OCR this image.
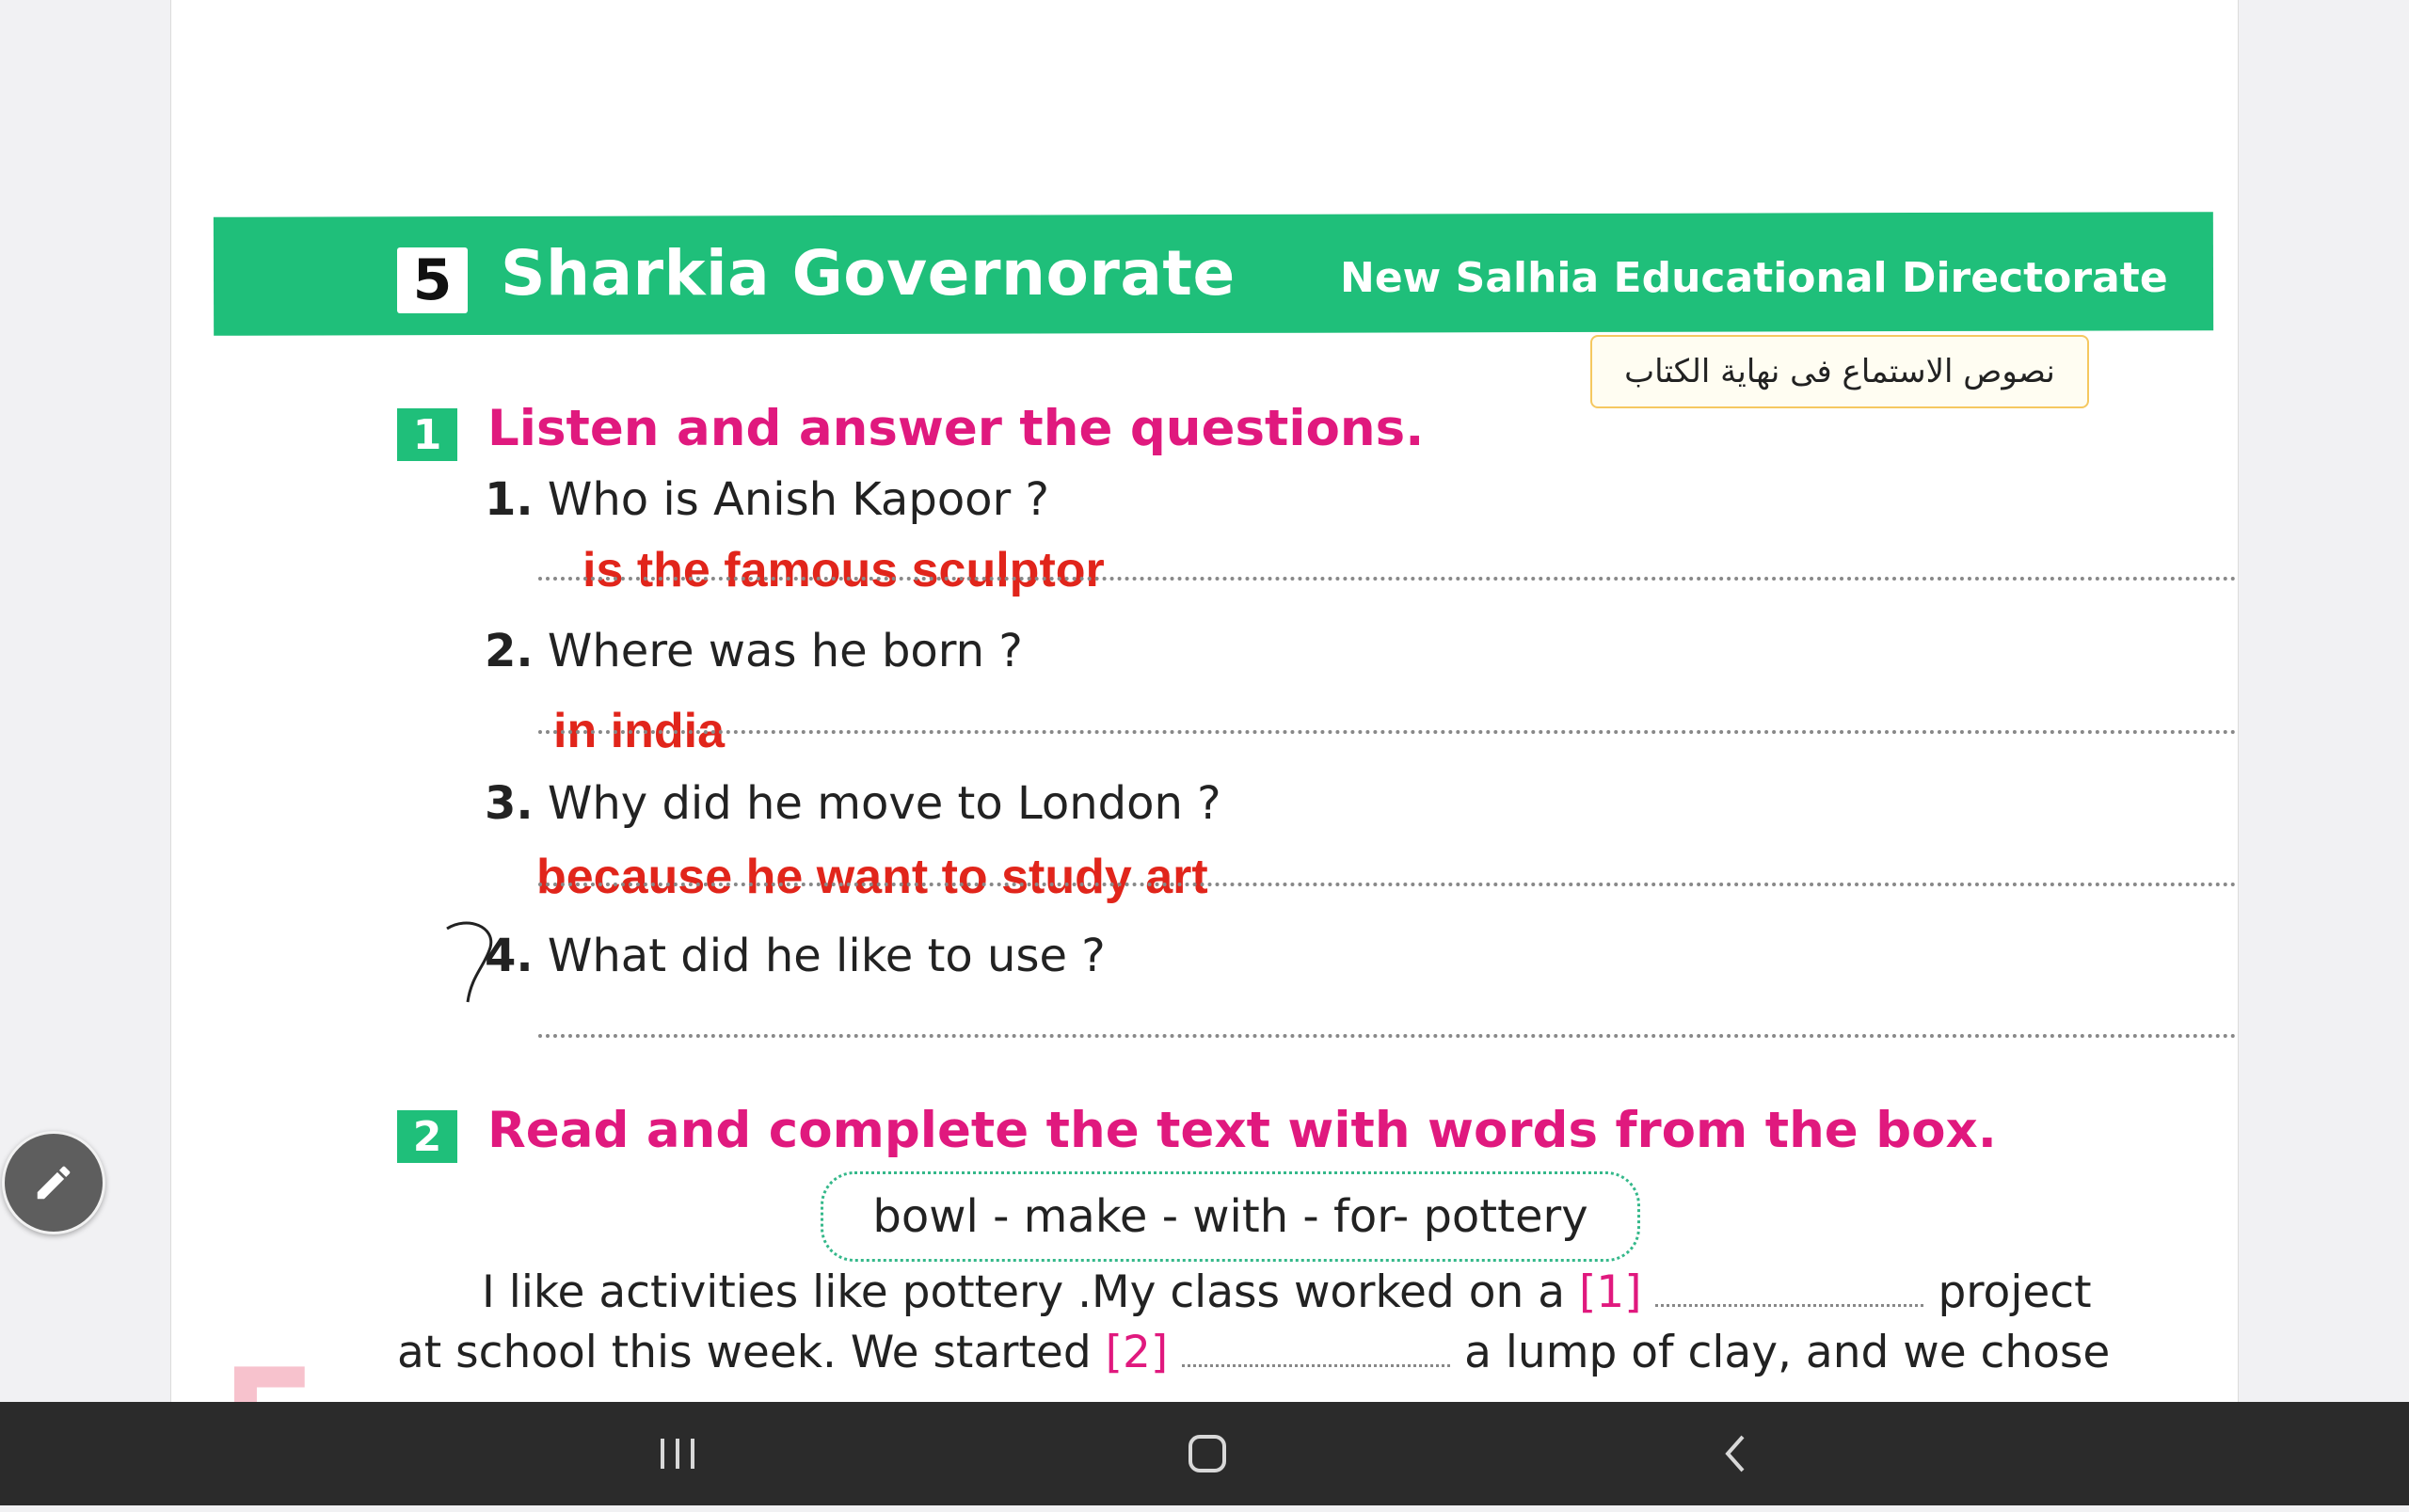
5 Sharkia Governorate	New Salhia Educational Directorate
نصوص الاستماع فى نهاية الكتاب
1 Listen and answer the questions.
1. Who is Anish Kapoor ?
is the famous sculptor
2. Where was he born ?
in india
3. Why did he move to London ?
because he want to study art
4. What did he like to use ?
2 Read and complete the text with words from the box.
bowl - make - with - for- pottery
I like activities like pottery .My class worked on a [1]	project
at school this week. We started [2]	a lump of clay, and we chose
